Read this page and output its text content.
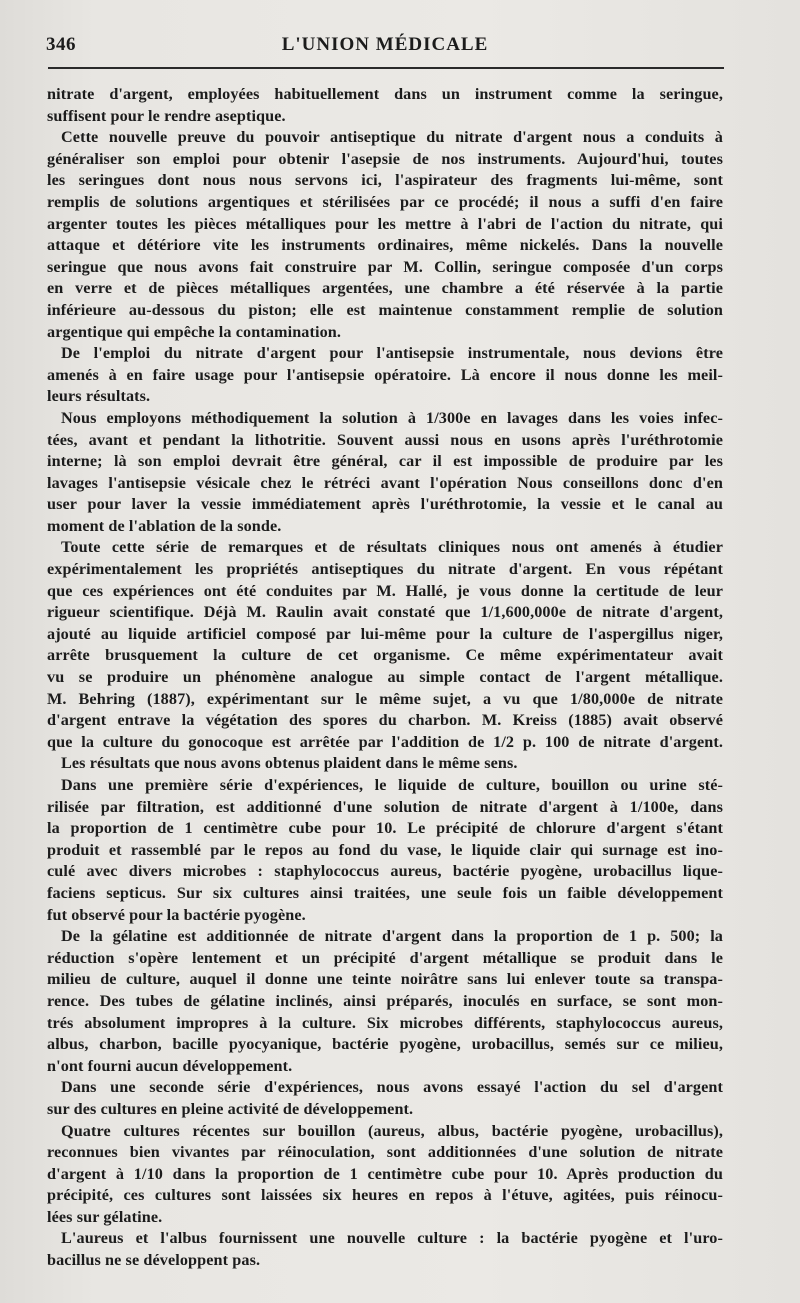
346	L'UNION MÉDICALE
nitrate d'argent, employées habituellement dans un instrument comme la seringue,
suffisent pour le rendre aseptique.
Cette nouvelle preuve du pouvoir antiseptique du nitrate d'argent nous a conduits à
généraliser son emploi pour obtenir l'asepsie de nos instruments. Aujourd'hui, toutes
les seringues dont nous nous servons ici, l'aspirateur des fragments lui-même, sont
remplis de solutions argentiques et stérilisées par ce procédé; il nous a suffi d'en faire
argenter toutes les pièces métalliques pour les mettre à l'abri de l'action du nitrate, qui
attaque et détériore vite les instruments ordinaires, même nickelés. Dans la nouvelle
seringue que nous avons fait construire par M. Collin, seringue composée d'un corps
en verre et de pièces métalliques argentées, une chambre a été réservée à la partie
inférieure au-dessous du piston; elle est maintenue constamment remplie de solution
argentique qui empêche la contamination.
De l'emploi du nitrate d'argent pour l'antisepsie instrumentale, nous devions être
amenés à en faire usage pour l'antisepsie opératoire. Là encore il nous donne les meil-
leurs résultats.
Nous employons méthodiquement la solution à 1/300e en lavages dans les voies infec-
tées, avant et pendant la lithotritie. Souvent aussi nous en usons après l'uréthrotomie
interne; là son emploi devrait être général, car il est impossible de produire par les
lavages l'antisepsie vésicale chez le rétréci avant l'opération Nous conseillons donc d'en
user pour laver la vessie immédiatement après l'uréthrotomie, la vessie et le canal au
moment de l'ablation de la sonde.
Toute cette série de remarques et de résultats cliniques nous ont amenés à étudier
expérimentalement les propriétés antiseptiques du nitrate d'argent. En vous répétant
que ces expériences ont été conduites par M. Hallé, je vous donne la certitude de leur
rigueur scientifique. Déjà M. Raulin avait constaté que 1/1,600,000e de nitrate d'argent,
ajouté au liquide artificiel composé par lui-même pour la culture de l'aspergillus niger,
arrête brusquement la culture de cet organisme. Ce même expérimentateur avait
vu se produire un phénomène analogue au simple contact de l'argent métallique.
M. Behring (1887), expérimentant sur le même sujet, a vu que 1/80,000e de nitrate
d'argent entrave la végétation des spores du charbon. M. Kreiss (1885) avait observé
que la culture du gonocoque est arrêtée par l'addition de 1/2 p. 100 de nitrate d'argent.
Les résultats que nous avons obtenus plaident dans le même sens.
Dans une première série d'expériences, le liquide de culture, bouillon ou urine sté-
rilisée par filtration, est additionné d'une solution de nitrate d'argent à 1/100e, dans
la proportion de 1 centimètre cube pour 10. Le précipité de chlorure d'argent s'étant
produit et rassemblé par le repos au fond du vase, le liquide clair qui surnage est ino-
culé avec divers microbes : staphylococcus aureus, bactérie pyogène, urobacillus lique-
faciens septicus. Sur six cultures ainsi traitées, une seule fois un faible développement
fut observé pour la bactérie pyogène.
De la gélatine est additionnée de nitrate d'argent dans la proportion de 1 p. 500; la
réduction s'opère lentement et un précipité d'argent métallique se produit dans le
milieu de culture, auquel il donne une teinte noirâtre sans lui enlever toute sa transpa-
rence. Des tubes de gélatine inclinés, ainsi préparés, inoculés en surface, se sont mon-
trés absolument impropres à la culture. Six microbes différents, staphylococcus aureus,
albus, charbon, bacille pyocyanique, bactérie pyogène, urobacillus, semés sur ce milieu,
n'ont fourni aucun développement.
Dans une seconde série d'expériences, nous avons essayé l'action du sel d'argent
sur des cultures en pleine activité de développement.
Quatre cultures récentes sur bouillon (aureus, albus, bactérie pyogène, urobacillus),
reconnues bien vivantes par réinoculation, sont additionnées d'une solution de nitrate
d'argent à 1/10 dans la proportion de 1 centimètre cube pour 10. Après production du
précipité, ces cultures sont laissées six heures en repos à l'étuve, agitées, puis réinocu-
lées sur gélatine.
L'aureus et l'albus fournissent une nouvelle culture : la bactérie pyogène et l'uro-
bacillus ne se développent pas.
